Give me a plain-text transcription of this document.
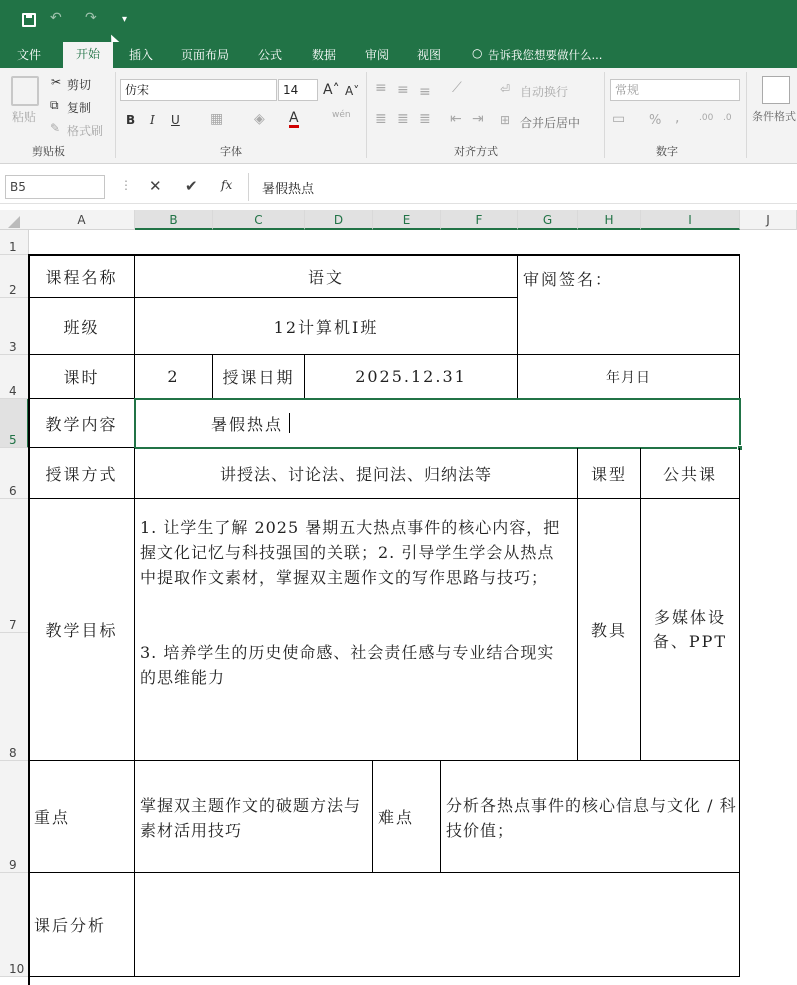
↶ ↷	▾
文件	开始	插入 页面布局 公式 数据 审阅 视图	○ 告诉我您想要做什么...
粘贴
✂ 剪切
⧉ 复制
✎ 格式刷
剪贴板
仿宋	14	A˄ A˅
B I U ▦ ◈ A	wén
字体
≡ ≡ ≡ ⟋	⏎ 自动换行
≣ ≣ ≣ ⇤ ⇥ ⊞ 合并后居中
对齐方式
常规
▭ % , .00 .0
数字
条件格式
B5	⋮ ✕ ✔ fx 暑假热点
A	B	C	D	E	F	G	H	I	J
1
2
3
4
5
6
7
8
9
10
课程名称	语文	审阅签名：
班级	12计算机Ⅰ班
课时	2	授课日期	2025.12.31	年月日
教学内容	暑假热点
授课方式	讲授法、讨论法、提问法、归纳法等	课型	公共课
教学目标
1. 让学生了解 2025 暑期五大热点事件的核心内容，把握文化记忆与科技强国的关联；2. 引导学生学会从热点中提取作文素材，掌握双主题作文的写作思路与技巧；
3. 培养学生的历史使命感、社会责任感与专业结合现实的思维能力
教具
多媒体设备、PPT
重点
掌握双主题作文的破题方法与素材活用技巧
难点
分析各热点事件的核心信息与文化 / 科技价值；
课后分析
